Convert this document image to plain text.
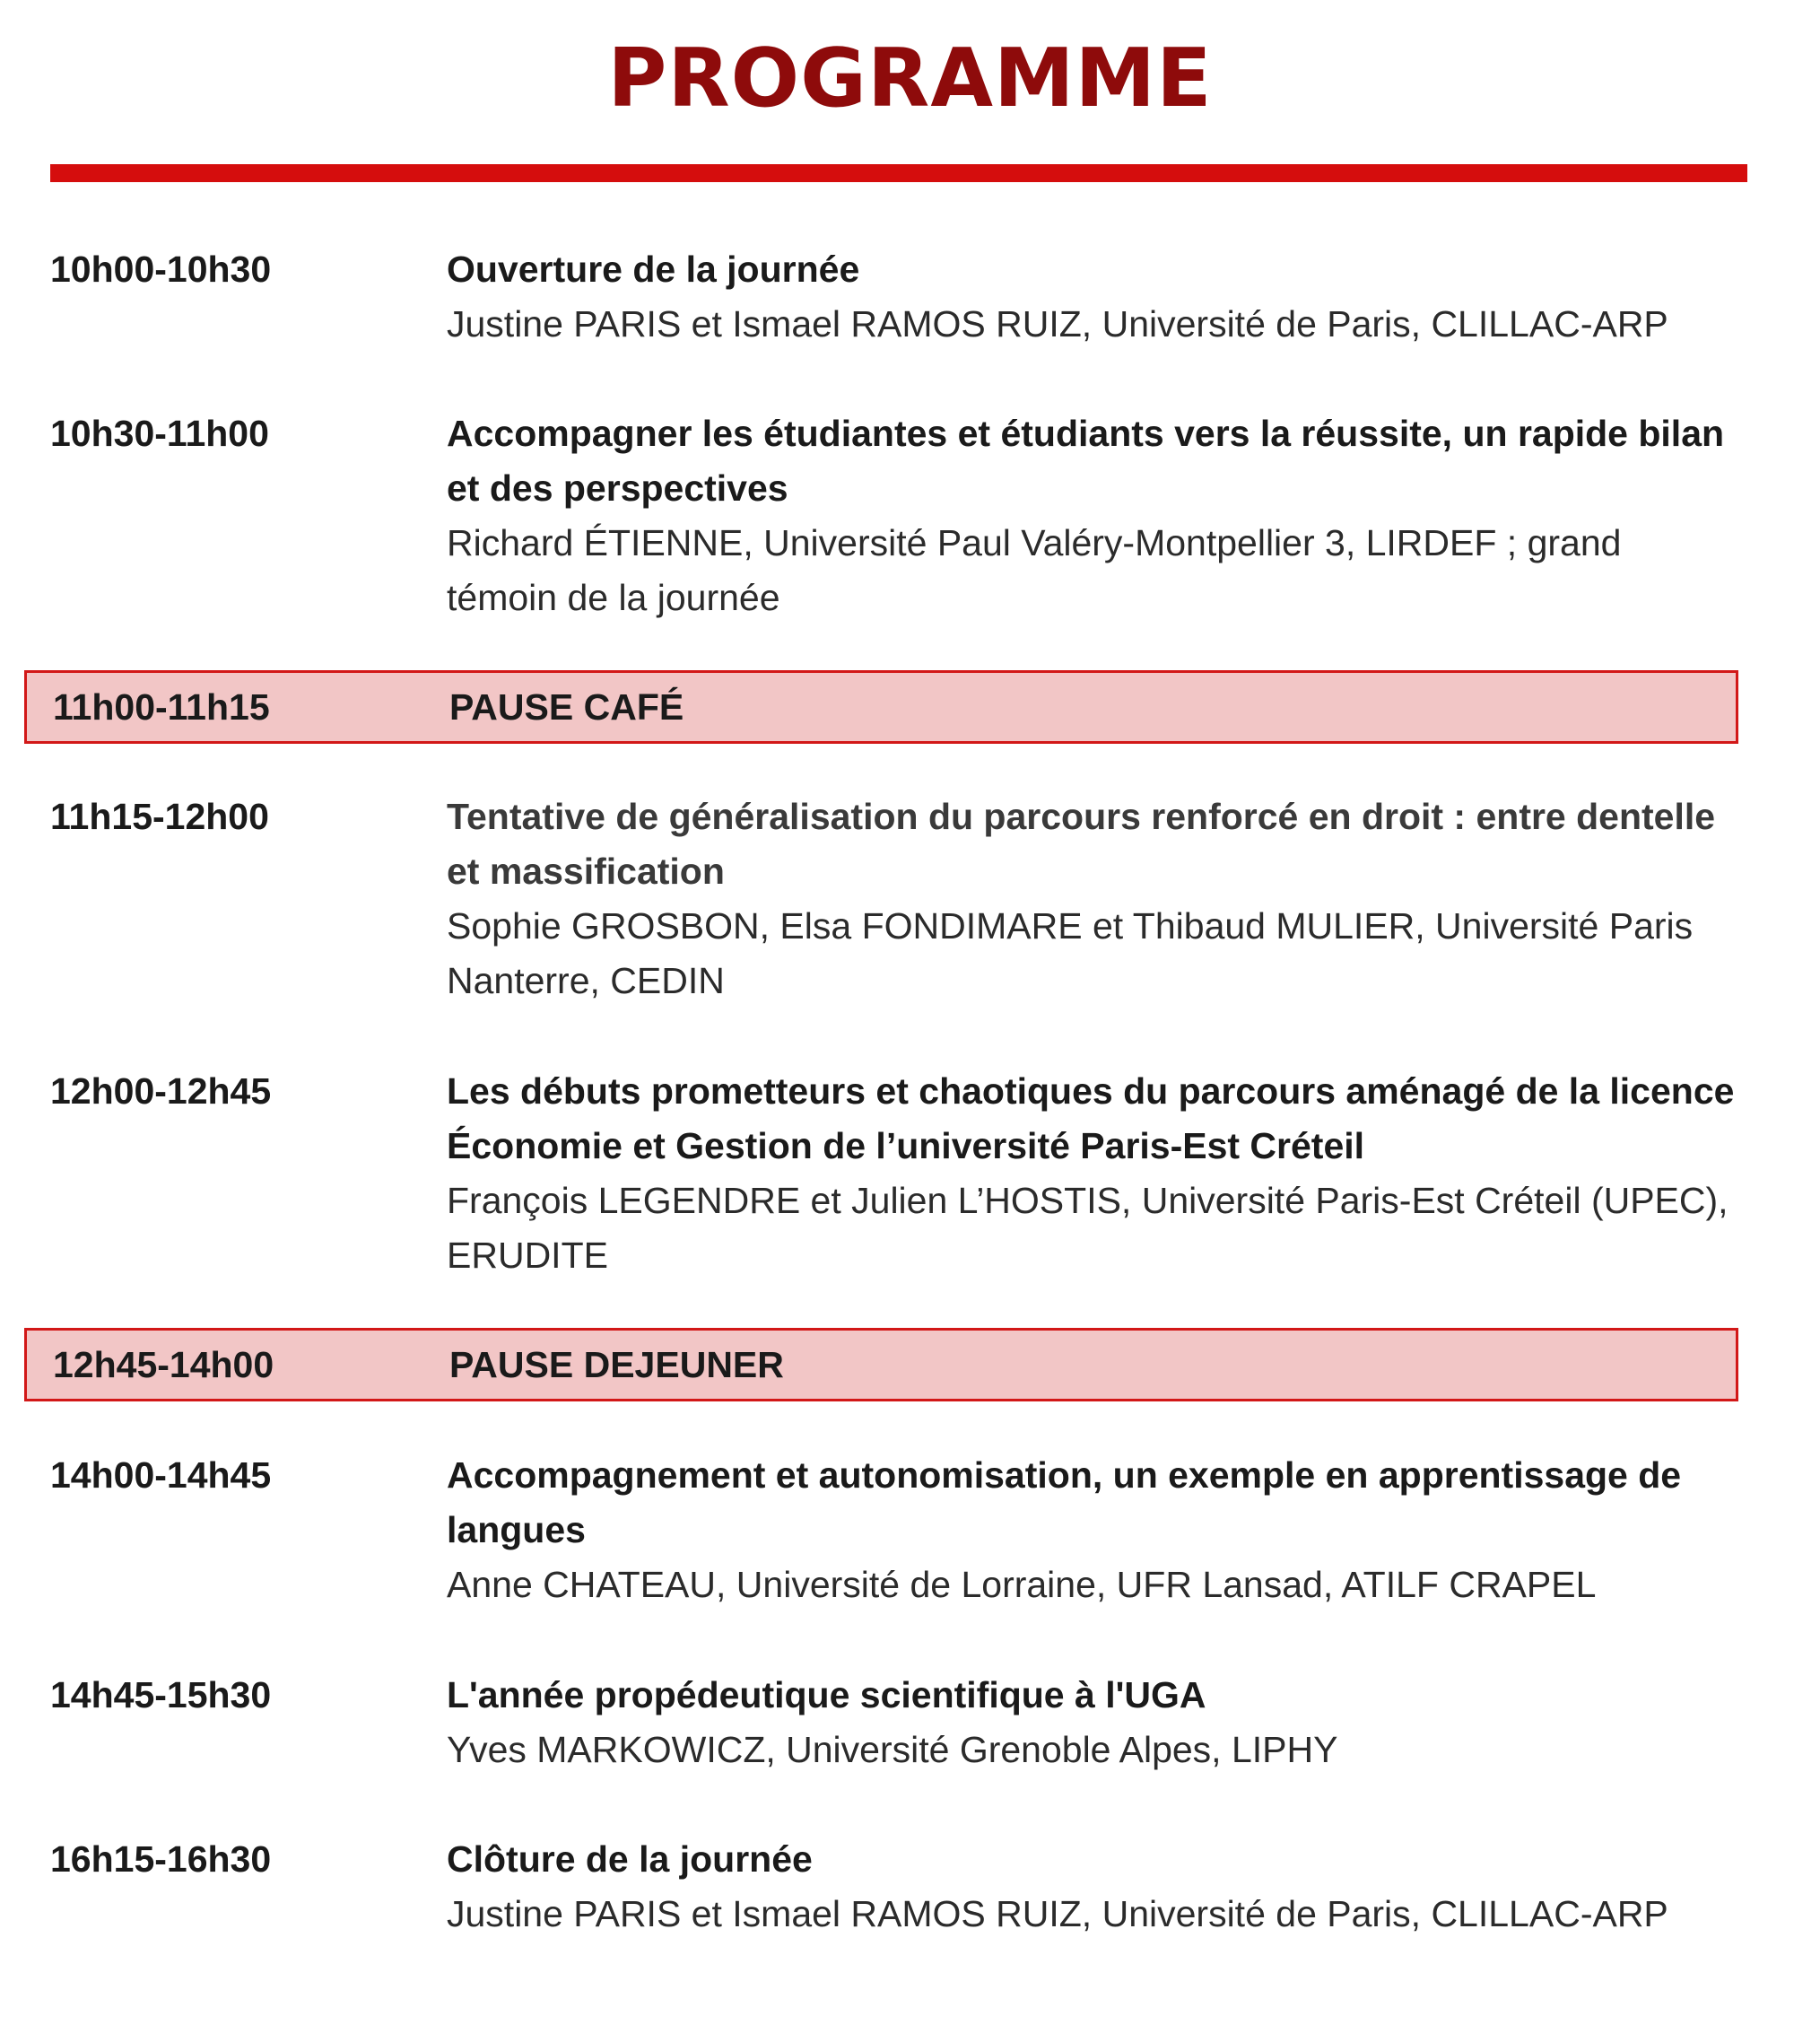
PROGRAMME
10h00-10h30	Ouverture de la journée

Justine PARIS et Ismael RAMOS RUIZ, Université de Paris, CLILLAC-ARP

10h30-11h00	Accompagner les étudiantes et étudiants vers la réussite, un rapide bilan et des perspectives

Richard ÉTIENNE, Université Paul Valéry-Montpellier 3, LIRDEF ; grand témoin de la journée

11h00-11h15	PAUSE CAFÉ
11h15-12h00	Tentative de généralisation du parcours renforcé en droit : entre dentelle et massification

Sophie GROSBON, Elsa FONDIMARE et Thibaud MULIER, Université Paris Nanterre, CEDIN

12h00-12h45	Les débuts prometteurs et chaotiques du parcours aménagé de la licence Économie et Gestion de l’université Paris-Est Créteil

François LEGENDRE et Julien L’HOSTIS, Université Paris-Est Créteil (UPEC), ERUDITE

12h45-14h00	PAUSE DEJEUNER
14h00-14h45	Accompagnement et autonomisation, un exemple en apprentissage de langues

Anne CHATEAU, Université de Lorraine, UFR Lansad, ATILF CRAPEL

14h45-15h30	L'année propédeutique scientifique à l'UGA

Yves MARKOWICZ, Université Grenoble Alpes, LIPHY

16h15-16h30	Clôture de la journée

Justine PARIS et Ismael RAMOS RUIZ, Université de Paris, CLILLAC-ARP
